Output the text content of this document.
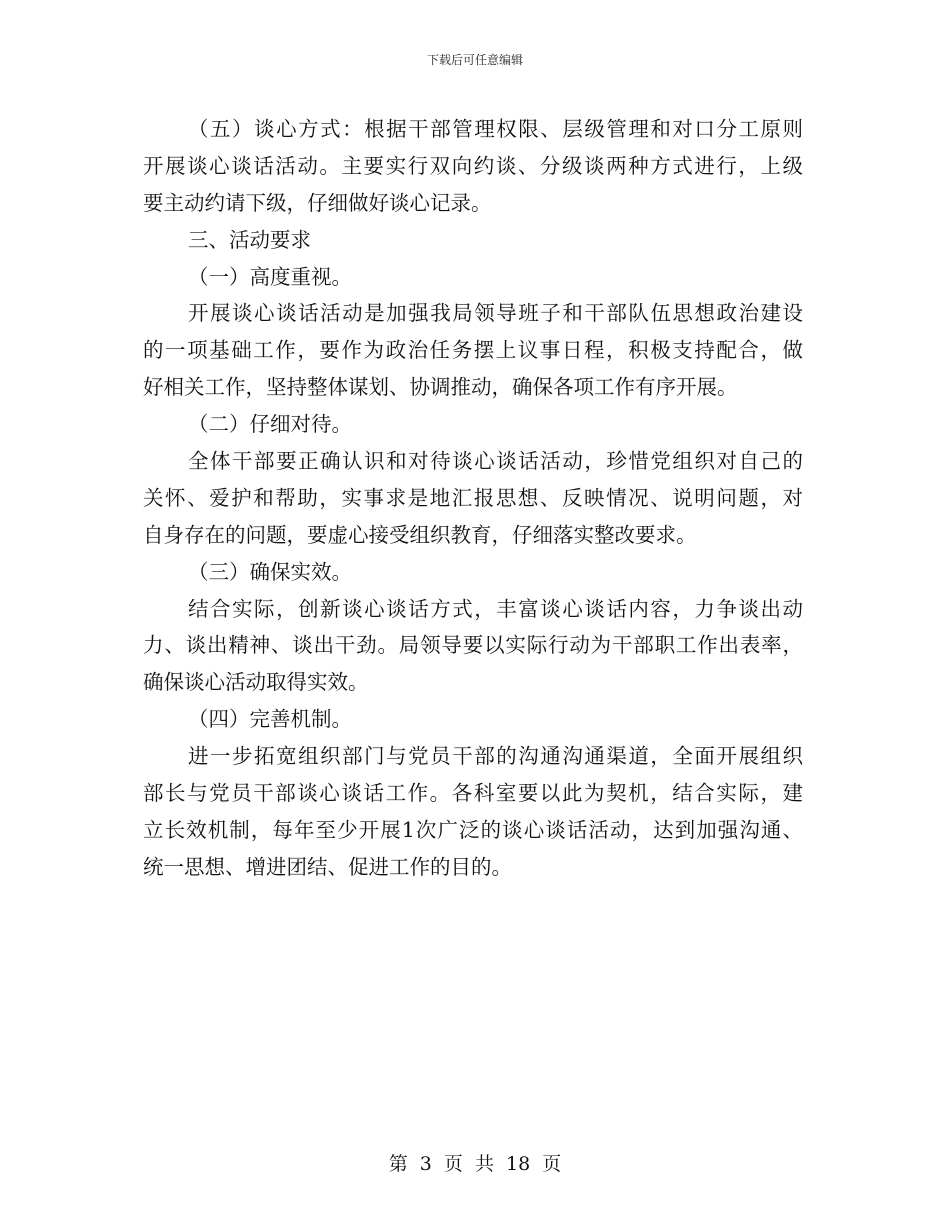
下载后可任意编辑
（五）谈心方式：根据干部管理权限、层级管理和对口分工原则
开展谈心谈话活动。主要实行双向约谈、分级谈两种方式进行，上级
要主动约请下级，仔细做好谈心记录。
三、活动要求
（一）高度重视。
开展谈心谈话活动是加强我局领导班子和干部队伍思想政治建设
的一项基础工作，要作为政治任务摆上议事日程，积极支持配合，做
好相关工作，坚持整体谋划、协调推动，确保各项工作有序开展。
（二）仔细对待。
全体干部要正确认识和对待谈心谈话活动，珍惜党组织对自己的
关怀、爱护和帮助，实事求是地汇报思想、反映情况、说明问题，对
自身存在的问题，要虚心接受组织教育，仔细落实整改要求。
（三）确保实效。
结合实际，创新谈心谈话方式，丰富谈心谈话内容，力争谈出动
力、谈出精神、谈出干劲。局领导要以实际行动为干部职工作出表率，
确保谈心活动取得实效。
（四）完善机制。
进一步拓宽组织部门与党员干部的沟通沟通渠道，全面开展组织
部长与党员干部谈心谈话工作。各科室要以此为契机，结合实际，建
立长效机制，每年至少开展1次广泛的谈心谈话活动，达到加强沟通、
统一思想、增进团结、促进工作的目的。
第 3 页 共 18 页
